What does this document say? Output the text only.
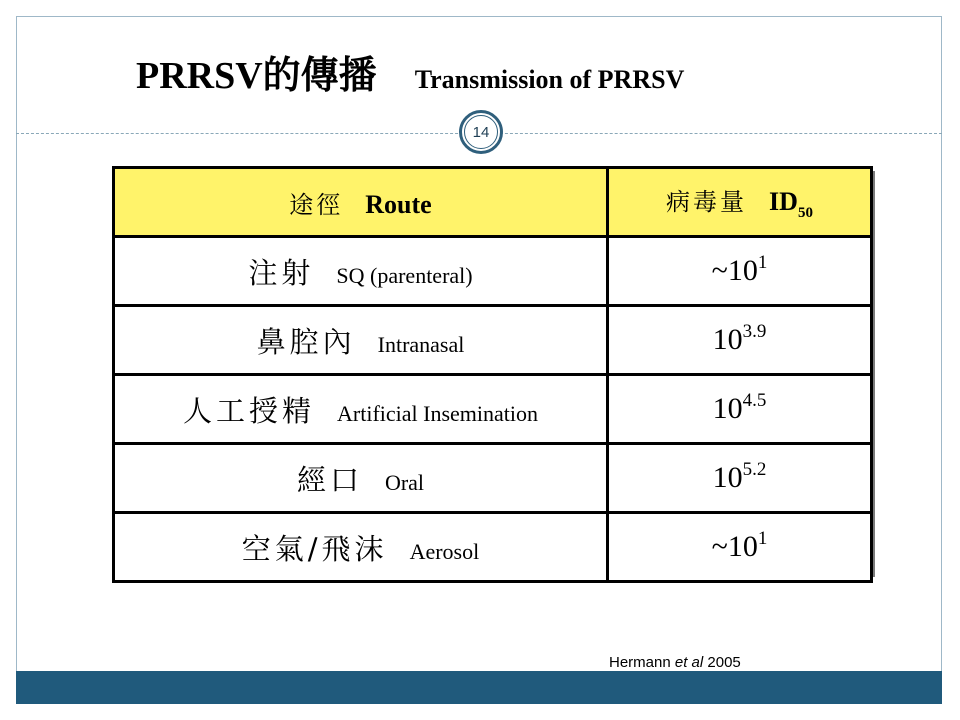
PRRSV的傳播 Transmission of PRRSV
14
途徑 Route	病毒量 ID50
注射 SQ (parenteral)	$\sim 10^1$
鼻腔內 Intranasal	$10^{3.9}$
人工授精 Artificial Insemination	$10^{4.5}$
經口 Oral	$10^{5.2}$
空氣/飛沫 Aerosol	$\sim 10^1$
Hermann et al 2005
